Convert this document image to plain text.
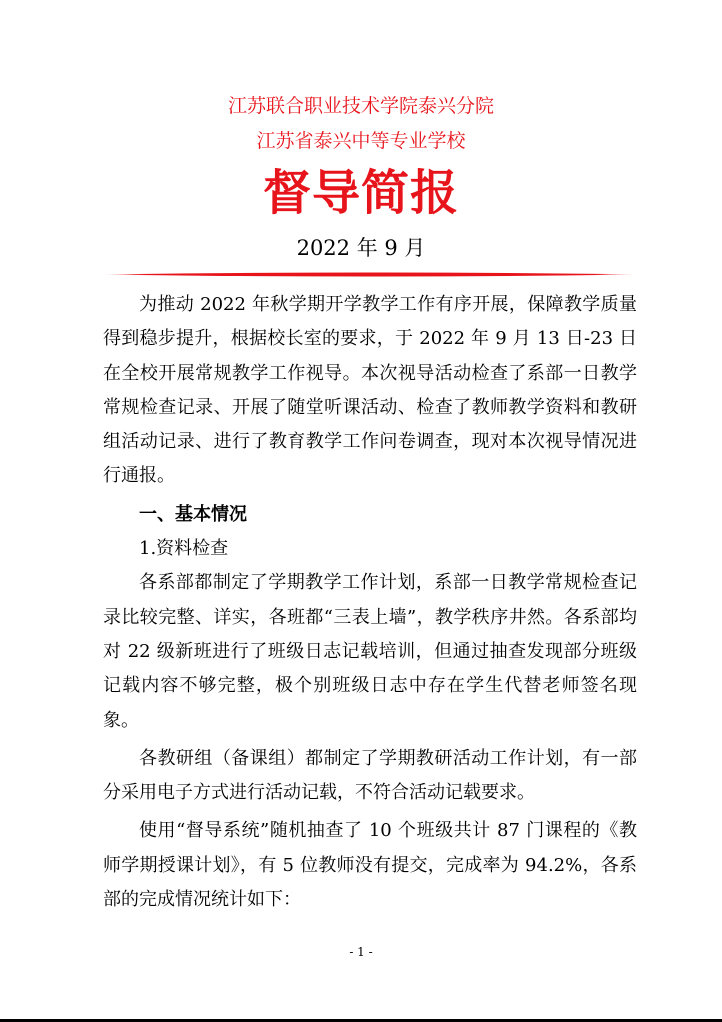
江苏联合职业技术学院泰兴分院
江苏省泰兴中等专业学校
督导简报
2022 年 9 月

为推动 2022 年秋学期开学教学工作有序开展，保障教学质量得到稳步提升，根据校长室的要求，于 2022 年 9 月 13 日-23 日在全校开展常规教学工作视导。本次视导活动检查了系部一日教学常规检查记录、开展了随堂听课活动、检查了教师教学资料和教研组活动记录、进行了教育教学工作问卷调查，现对本次视导情况进行通报。

一、基本情况

1.资料检查

各系部都制定了学期教学工作计划，系部一日教学常规检查记录比较完整、详实，各班都“三表上墙”，教学秩序井然。各系部均对 22 级新班进行了班级日志记载培训，但通过抽查发现部分班级记载内容不够完整，极个别班级日志中存在学生代替老师签名现象。

各教研组（备课组）都制定了学期教研活动工作计划，有一部分采用电子方式进行活动记载，不符合活动记载要求。

使用“督导系统”随机抽查了 10 个班级共计 87 门课程的《教师学期授课计划》，有 5 位教师没有提交，完成率为 94.2%，各系部的完成情况统计如下：

- 1 -
